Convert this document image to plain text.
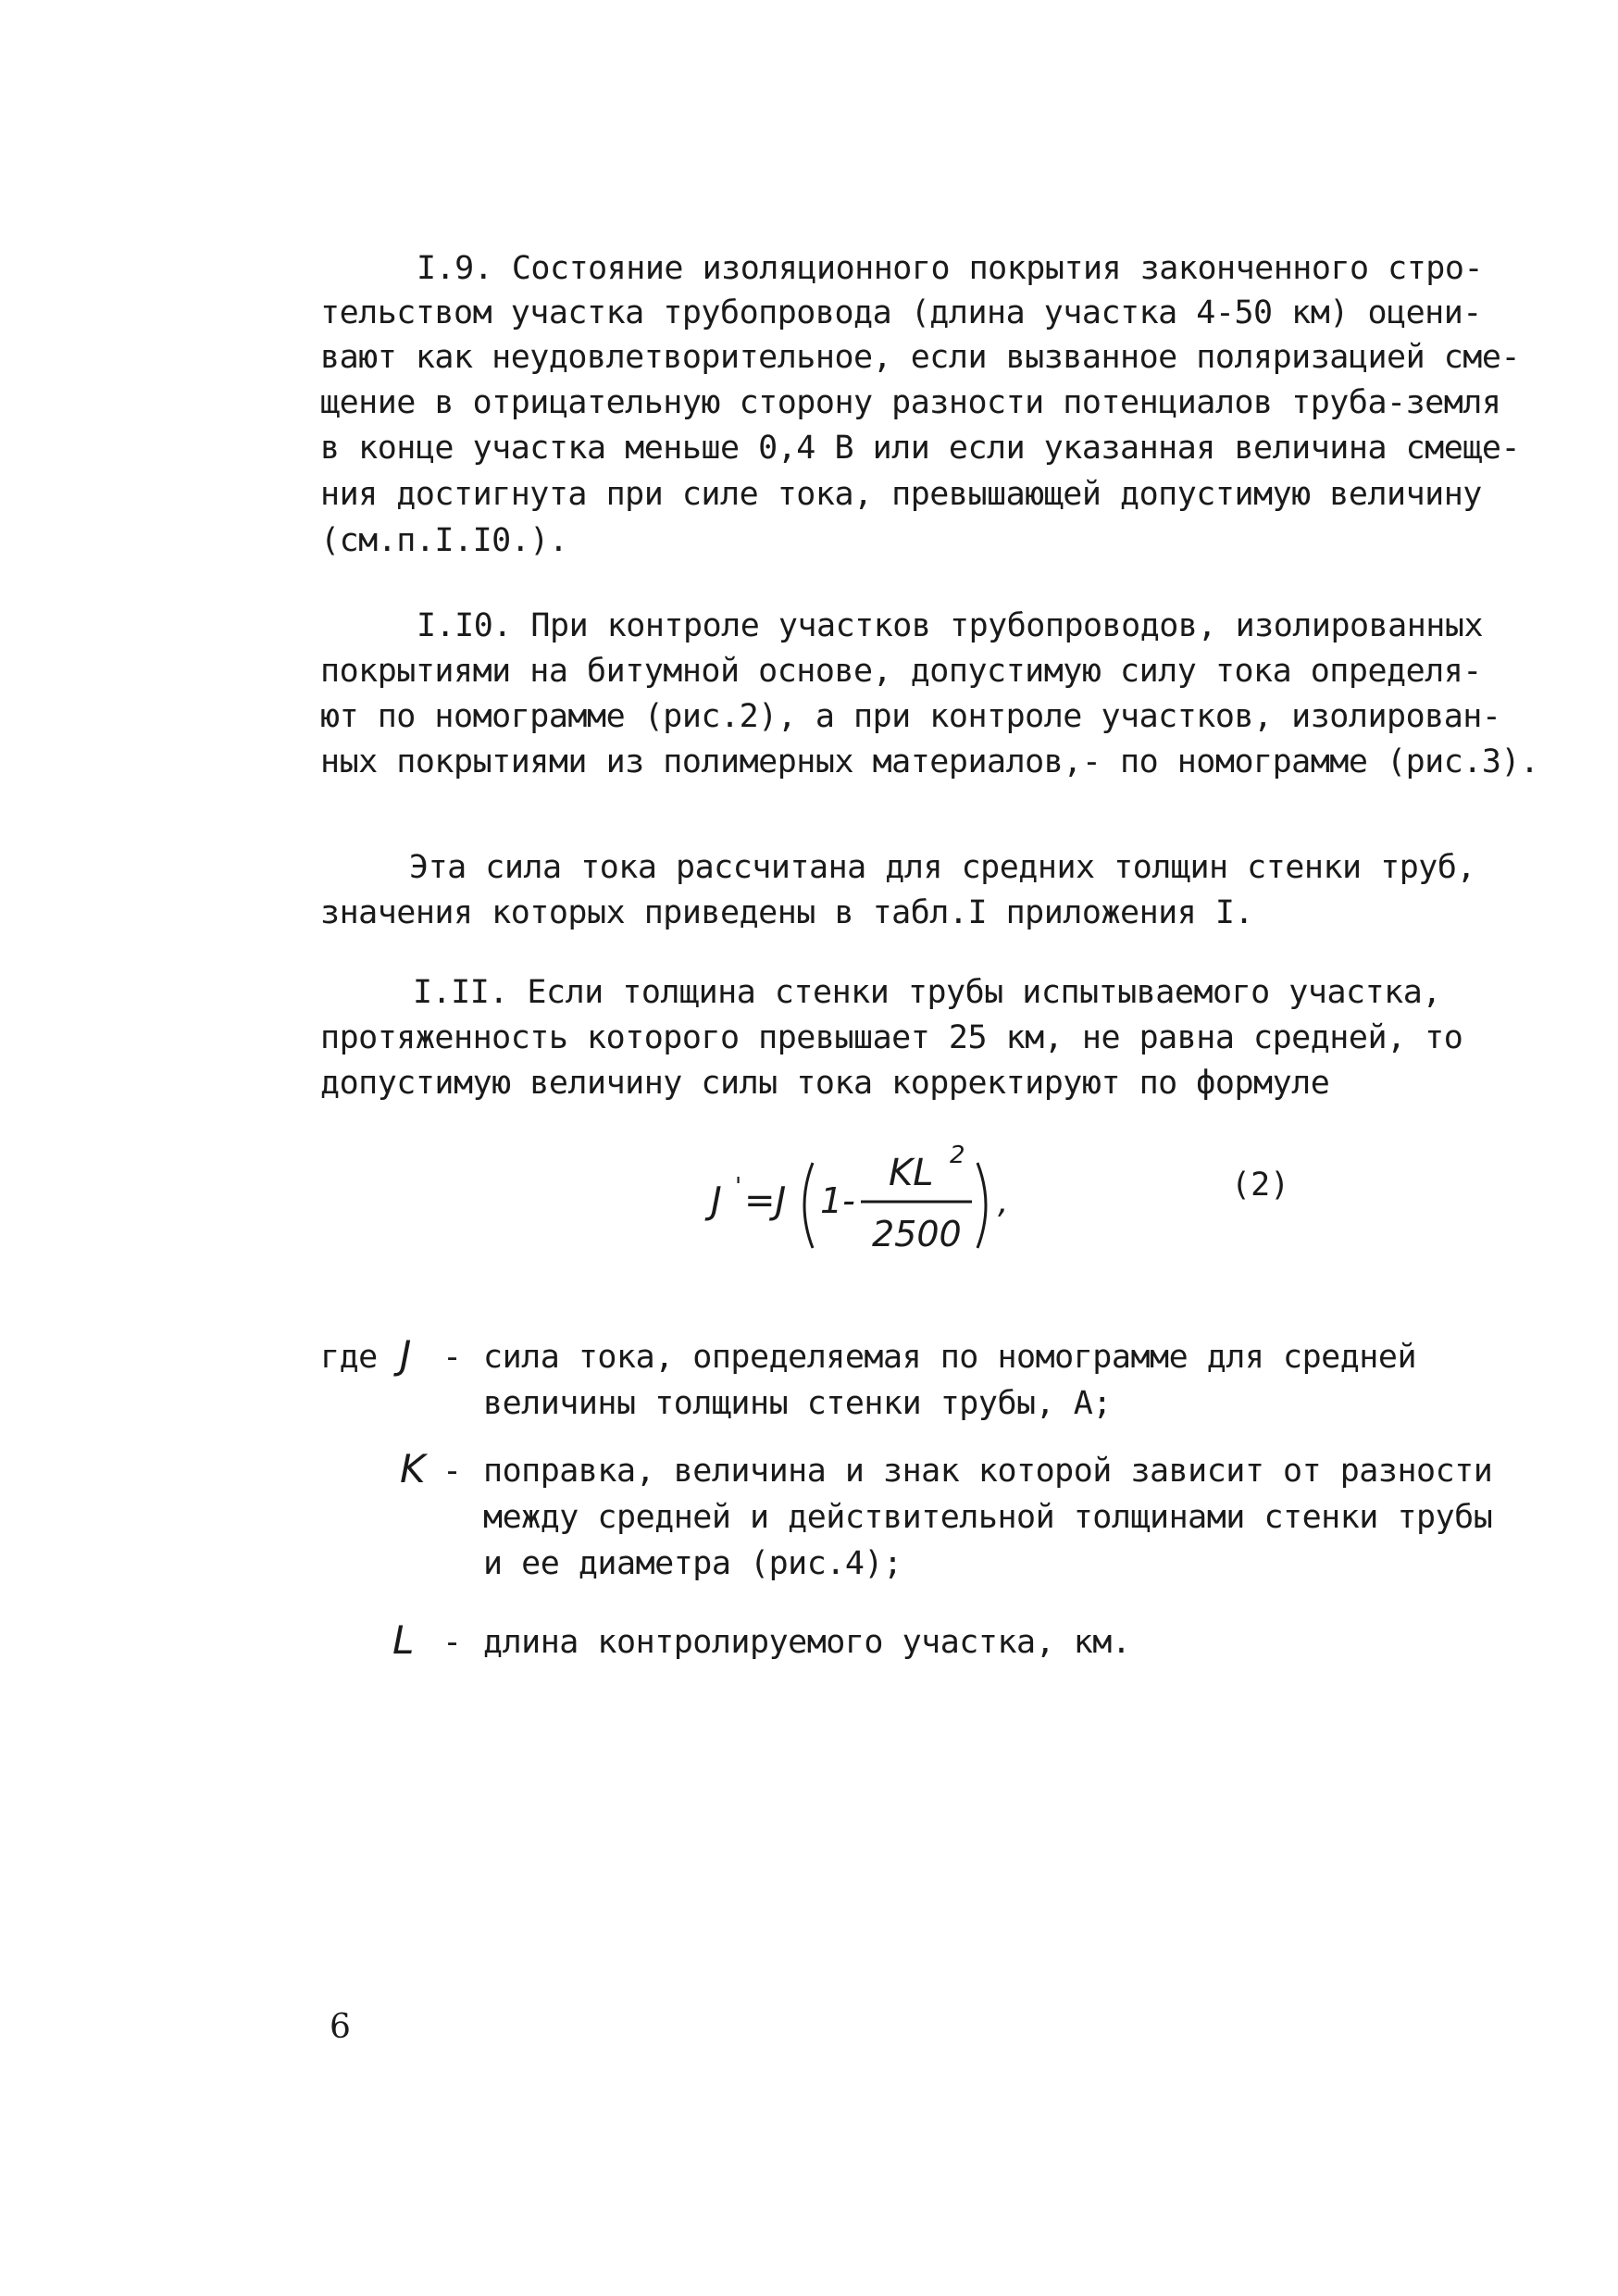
I.9. Состояние изоляционного покрытия законченного стро-
тельством участка трубопровода (длина участка 4-50 км) оцени-
вают как неудовлетворительное, если вызванное поляризацией сме-
щение в отрицательную сторону разности потенциалов труба-земля
в конце участка меньше 0,4 В или если указанная величина смеще-
ния достигнута при силе тока, превышающей допустимую величину
(см.п.I.I0.).
I.I0. При контроле участков трубопроводов, изолированных
покрытиями на битумной основе, допустимую силу тока определя-
ют по номограмме (рис.2), а при контроле участков, изолирован-
ных покрытиями из полимерных материалов,- по номограмме (рис.3).
Эта сила тока рассчитана для средних толщин стенки труб,
значения которых приведены в табл.I приложения I.
I.II. Если толщина стенки трубы испытываемого участка,
протяженность которого превышает 25 км, не равна средней, то
допустимую величину силы тока корректируют по формуле
J ' =J 1-
KL 2
2500
,	(2)
где J - сила тока, определяемая по номограмме для средней
величины толщины стенки трубы, А;
K - поправка, величина и знак которой зависит от разности
между средней и действительной толщинами стенки трубы
и ее диаметра (рис.4);
L - длина контролируемого участка, км.
6
